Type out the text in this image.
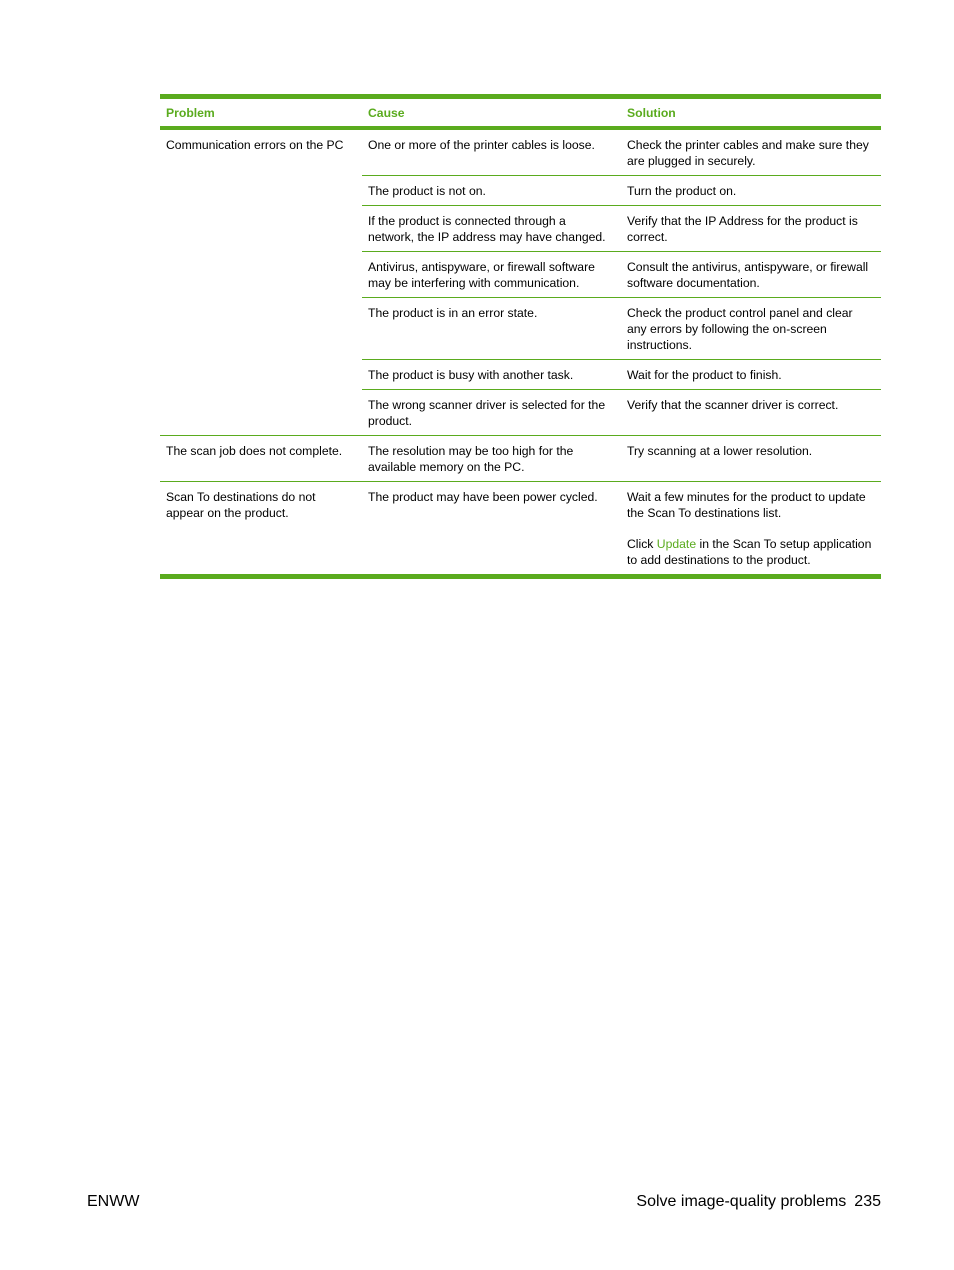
Problem	Cause	Solution
Communication errors on the PC	One or more of the printer cables is loose.	Check the printer cables and make sure they are plugged in securely.
	The product is not on.	Turn the product on.
	If the product is connected through a network, the IP address may have changed.	Verify that the IP Address for the product is correct.
	Antivirus, antispyware, or firewall software may be interfering with communication.	Consult the antivirus, antispyware, or firewall software documentation.
	The product is in an error state.	Check the product control panel and clear any errors by following the on-screen instructions.
	The product is busy with another task.	Wait for the product to finish.
	The wrong scanner driver is selected for the product.	Verify that the scanner driver is correct.
The scan job does not complete.	The resolution may be too high for the available memory on the PC.	Try scanning at a lower resolution.
Scan To destinations do not appear on the product.	The product may have been power cycled.	Wait a few minutes for the product to update the Scan To destinations list.
Click Update in the Scan To setup application to add destinations to the product.
ENWW	Solve image-quality problems 235
